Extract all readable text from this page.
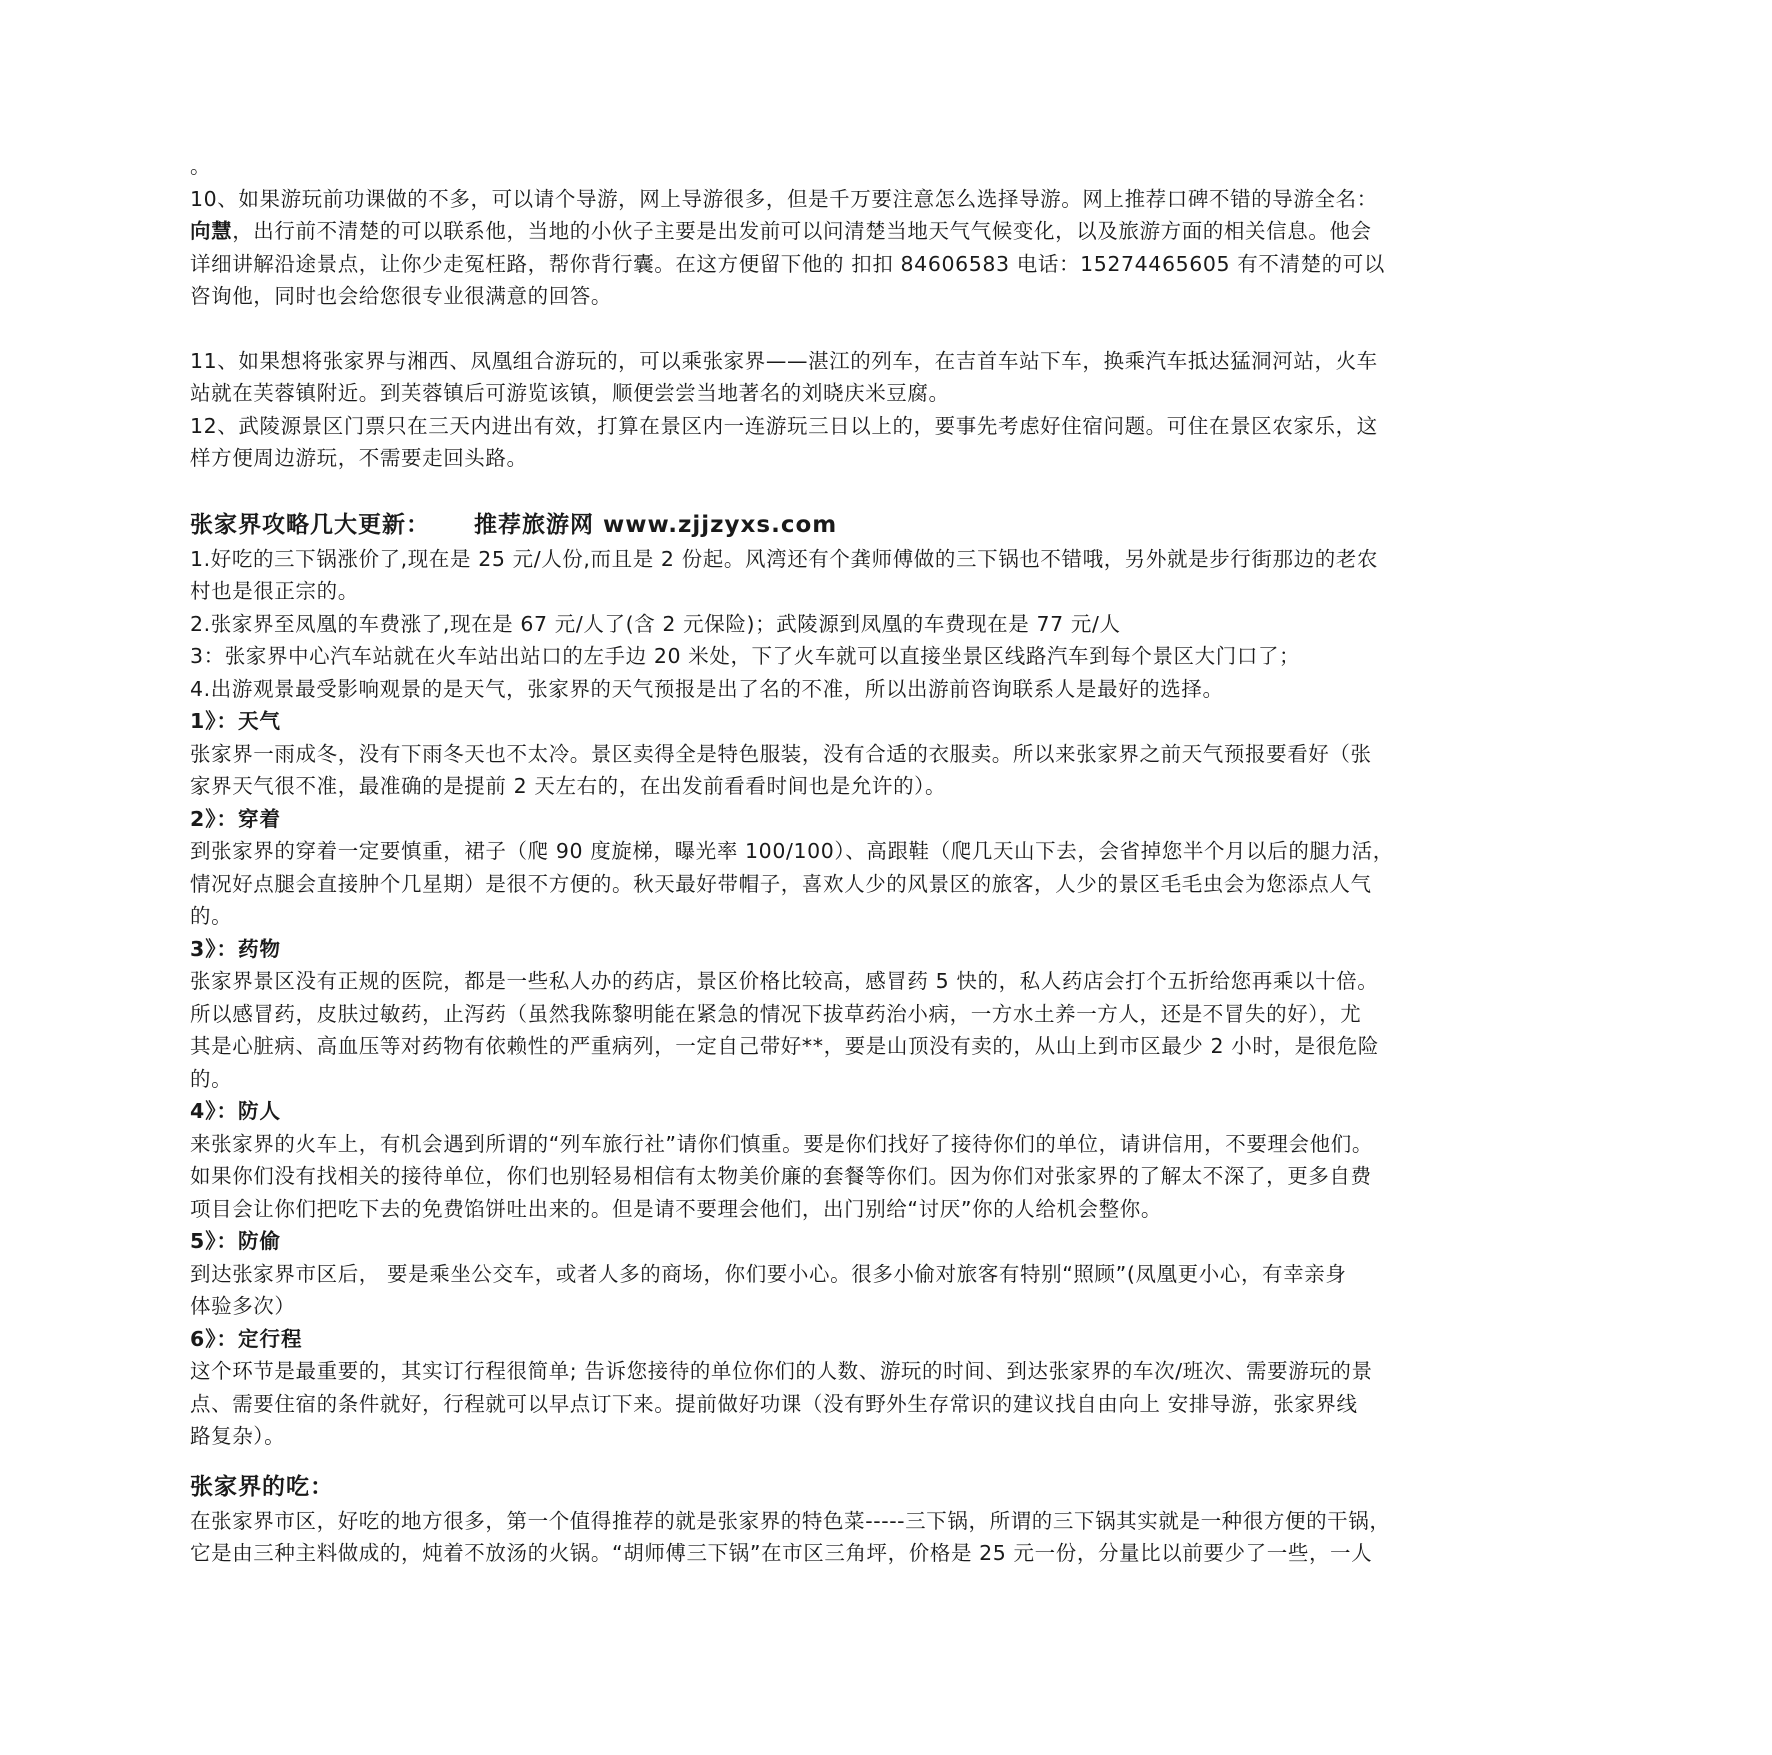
。
10、如果游玩前功课做的不多，可以请个导游，网上导游很多，但是千万要注意怎么选择导游。网上推荐口碑不错的导游全名：
向慧，出行前不清楚的可以联系他，当地的小伙子主要是出发前可以问清楚当地天气气候变化，以及旅游方面的相关信息。他会
详细讲解沿途景点，让你少走冤枉路，帮你背行囊。在这方便留下他的 扣扣 84606583 电话：15274465605 有不清楚的可以
咨询他，同时也会给您很专业很满意的回答。
11、如果想将张家界与湘西、凤凰组合游玩的，可以乘张家界——湛江的列车，在吉首车站下车，换乘汽车抵达猛洞河站，火车
站就在芙蓉镇附近。到芙蓉镇后可游览该镇，顺便尝尝当地著名的刘晓庆米豆腐。
12、武陵源景区门票只在三天内进出有效，打算在景区内一连游玩三日以上的，要事先考虑好住宿问题。可住在景区农家乐，这
样方便周边游玩，不需要走回头路。
张家界攻略几大更新： 推荐旅游网 www.zjjzyxs.com
1.好吃的三下锅涨价了,现在是 25 元/人份,而且是 2 份起。风湾还有个龚师傅做的三下锅也不错哦，另外就是步行街那边的老农
村也是很正宗的。
2.张家界至凤凰的车费涨了,现在是 67 元/人了(含 2 元保险)；武陵源到凤凰的车费现在是 77 元/人
3：张家界中心汽车站就在火车站出站口的左手边 20 米处，下了火车就可以直接坐景区线路汽车到每个景区大门口了；
4.出游观景最受影响观景的是天气，张家界的天气预报是出了名的不准，所以出游前咨询联系人是最好的选择。
1》：天气
张家界一雨成冬，没有下雨冬天也不太冷。景区卖得全是特色服装，没有合适的衣服卖。所以来张家界之前天气预报要看好（张
家界天气很不准，最准确的是提前 2 天左右的，在出发前看看时间也是允许的）。
2》：穿着
到张家界的穿着一定要慎重，裙子（爬 90 度旋梯，曝光率 100/100）、高跟鞋（爬几天山下去，会省掉您半个月以后的腿力活，
情况好点腿会直接肿个几星期）是很不方便的。秋天最好带帽子，喜欢人少的风景区的旅客，人少的景区毛毛虫会为您添点人气
的。
3》：药物
张家界景区没有正规的医院，都是一些私人办的药店，景区价格比较高，感冒药 5 快的，私人药店会打个五折给您再乘以十倍。
所以感冒药，皮肤过敏药，止泻药（虽然我陈黎明能在紧急的情况下拔草药治小病，一方水土养一方人，还是不冒失的好），尤
其是心脏病、高血压等对药物有依赖性的严重病列，一定自己带好**，要是山顶没有卖的，从山上到市区最少 2 小时，是很危险
的。
4》：防人
来张家界的火车上，有机会遇到所谓的“列车旅行社”请你们慎重。要是你们找好了接待你们的单位，请讲信用，不要理会他们。
如果你们没有找相关的接待单位，你们也别轻易相信有太物美价廉的套餐等你们。因为你们对张家界的了解太不深了，更多自费
项目会让你们把吃下去的免费馅饼吐出来的。但是请不要理会他们，出门别给“讨厌”你的人给机会整你。
5》：防偷
到达张家界市区后， 要是乘坐公交车，或者人多的商场，你们要小心。很多小偷对旅客有特别“照顾”(凤凰更小心，有幸亲身
体验多次）
6》：定行程
这个环节是最重要的，其实订行程很简单; 告诉您接待的单位你们的人数、游玩的时间、到达张家界的车次/班次、需要游玩的景
点、需要住宿的条件就好，行程就可以早点订下来。提前做好功课（没有野外生存常识的建议找自由向上 安排导游，张家界线
路复杂）。
张家界的吃：
在张家界市区，好吃的地方很多，第一个值得推荐的就是张家界的特色菜-----三下锅，所谓的三下锅其实就是一种很方便的干锅，
它是由三种主料做成的，炖着不放汤的火锅。“胡师傅三下锅”在市区三角坪，价格是 25 元一份，分量比以前要少了一些，一人
